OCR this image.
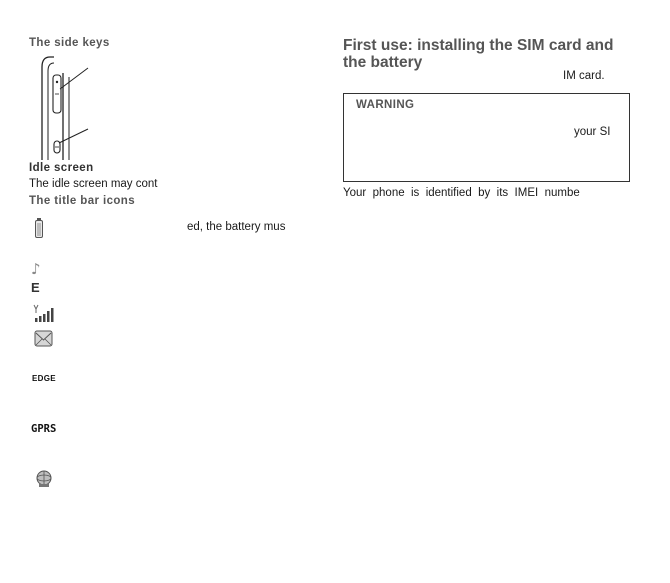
The side keys
Idle screen
The idle screen may cont
The title bar icons
ed, the battery mus
♪
E
EDGE
GPRS
First use: installing the SIM card and the battery
IM card.
WARNING
your SI
Your  phone  is  identified  by  its  IMEI  numbe
